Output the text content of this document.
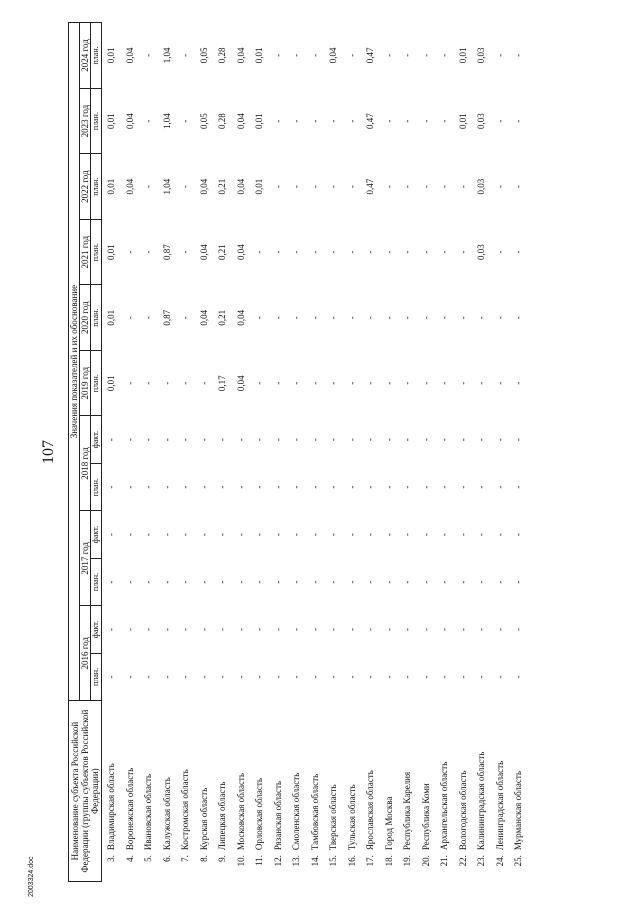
107
Наименование субъекта Российской Федерации (группы субъектов Российской Федерации)		Значения показателей и их обоснование											
		2016 год		2017 год		2018 год		2019 год	2020 год	2021 год	2022 год	2023 год	2024 год
		план.	факт.	план.	факт.	план.	факт.	план.	план.	план.	план.	план.	план.
3.	Владимирская область	-	-	-	-	-	-	0,01	0,01	0,01	0,01	0,01	0,01
4.	Воронежская область	-	-	-	-	-	-	-	-	-	0,04	0,04	0,04
5.	Ивановская область	-	-	-	-	-	-	-	-	-	-	-	-
6.	Калужская область	-	-	-	-	-	-	-	0,87	0,87	1,04	1,04	1,04
7.	Костромская область	-	-	-	-	-	-	-	-	-	-	-	-
8.	Курская область	-	-	-	-	-	-	-	0,04	0,04	0,04	0,05	0,05
9.	Липецкая область	-	-	-	-	-	-	0,17	0,21	0,21	0,21	0,28	0,28
10.	Московская область	-	-	-	-	-	-	0,04	0,04	0,04	0,04	0,04	0,04
11.	Орловская область	-	-	-	-	-	-	-	-	-	0,01	0,01	0,01
12.	Рязанская область	-	-	-	-	-	-	-	-	-	-	-	-
13.	Смоленская область	-	-	-	-	-	-	-	-	-	-	-	-
14.	Тамбовская область	-	-	-	-	-	-	-	-	-	-	-	-
15.	Тверская область	-	-	-	-	-	-	-	-	-	-	-	0,04
16.	Тульская область	-	-	-	-	-	-	-	-	-	-	-	-
17.	Ярославская область	-	-	-	-	-	-	-	-	-	0,47	0,47	0,47
18.	Город Москва	-	-	-	-	-	-	-	-	-	-	-	-
19.	Республика Карелия	-	-	-	-	-	-	-	-	-	-	-	-
20.	Республика Коми	-	-	-	-	-	-	-	-	-	-	-	-
21.	Архангельская область	-	-	-	-	-	-	-	-	-	-	-	-
22.	Вологодская область	-	-	-	-	-	-	-	-	-	-	0,01	0,01
23.	Калининградская область	-	-	-	-	-	-	-	-	0,03	0,03	0,03	0,03
24.	Ленинградская область	-	-	-	-	-	-	-	-	-	-	-	-
25.	Мурманская область	-	-	-	-	-	-	-	-	-	-	-	-
2003324.doc
